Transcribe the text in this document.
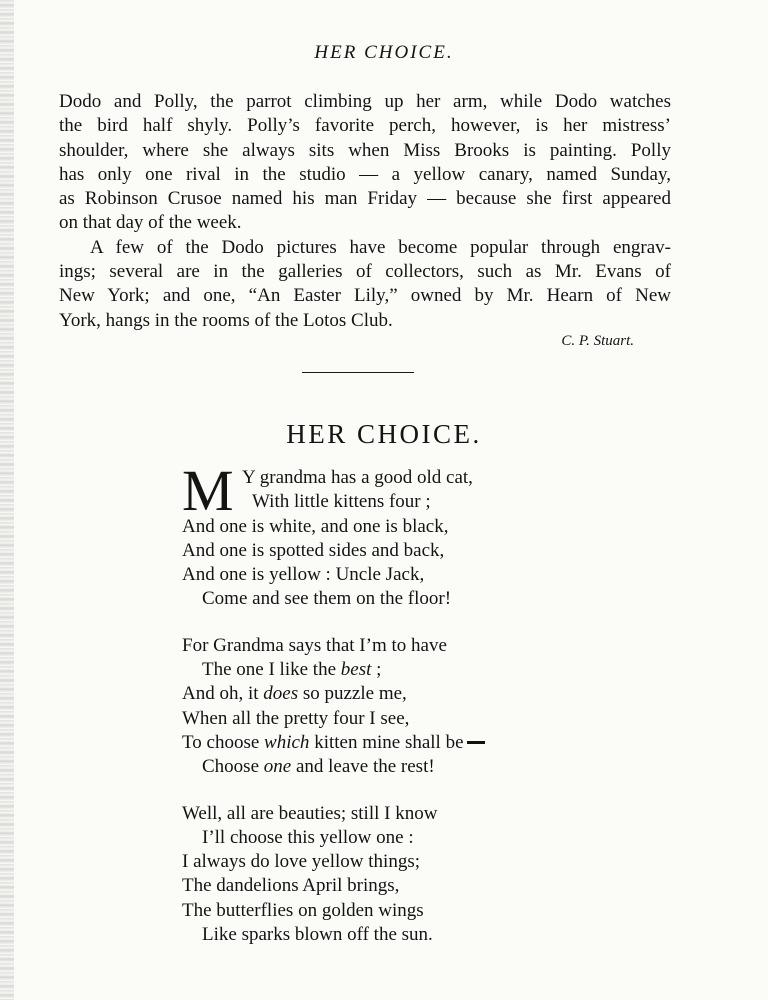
HER CHOICE.

Dodo and Polly, the parrot climbing up her arm, while Dodo watches
the bird half shyly. Polly’s favorite perch, however, is her mistress’
shoulder, where she always sits when Miss Brooks is painting. Polly
has only one rival in the studio — a yellow canary, named Sunday,
as Robinson Crusoe named his man Friday — because she first appeared
on that day of the week.

A few of the Dodo pictures have become popular through engrav-
ings; several are in the galleries of collectors, such as Mr. Evans of
New York; and one, “An Easter Lily,” owned by Mr. Hearn of New
York, hangs in the rooms of the Lotos Club.

C. P. Stuart.
HER CHOICE.
M Y grandma has a good old cat,
With little kittens four ;
And one is white, and one is black,
And one is spotted sides and back,
And one is yellow : Uncle Jack,
Come and see them on the floor!
For Grandma says that I’m to have
The one I like the best ;
And oh, it does so puzzle me,
When all the pretty four I see,
To choose which kitten mine shall be
Choose one and leave the rest!
Well, all are beauties; still I know
I’ll choose this yellow one :
I always do love yellow things;
The dandelions April brings,
The butterflies on golden wings
Like sparks blown off the sun.
